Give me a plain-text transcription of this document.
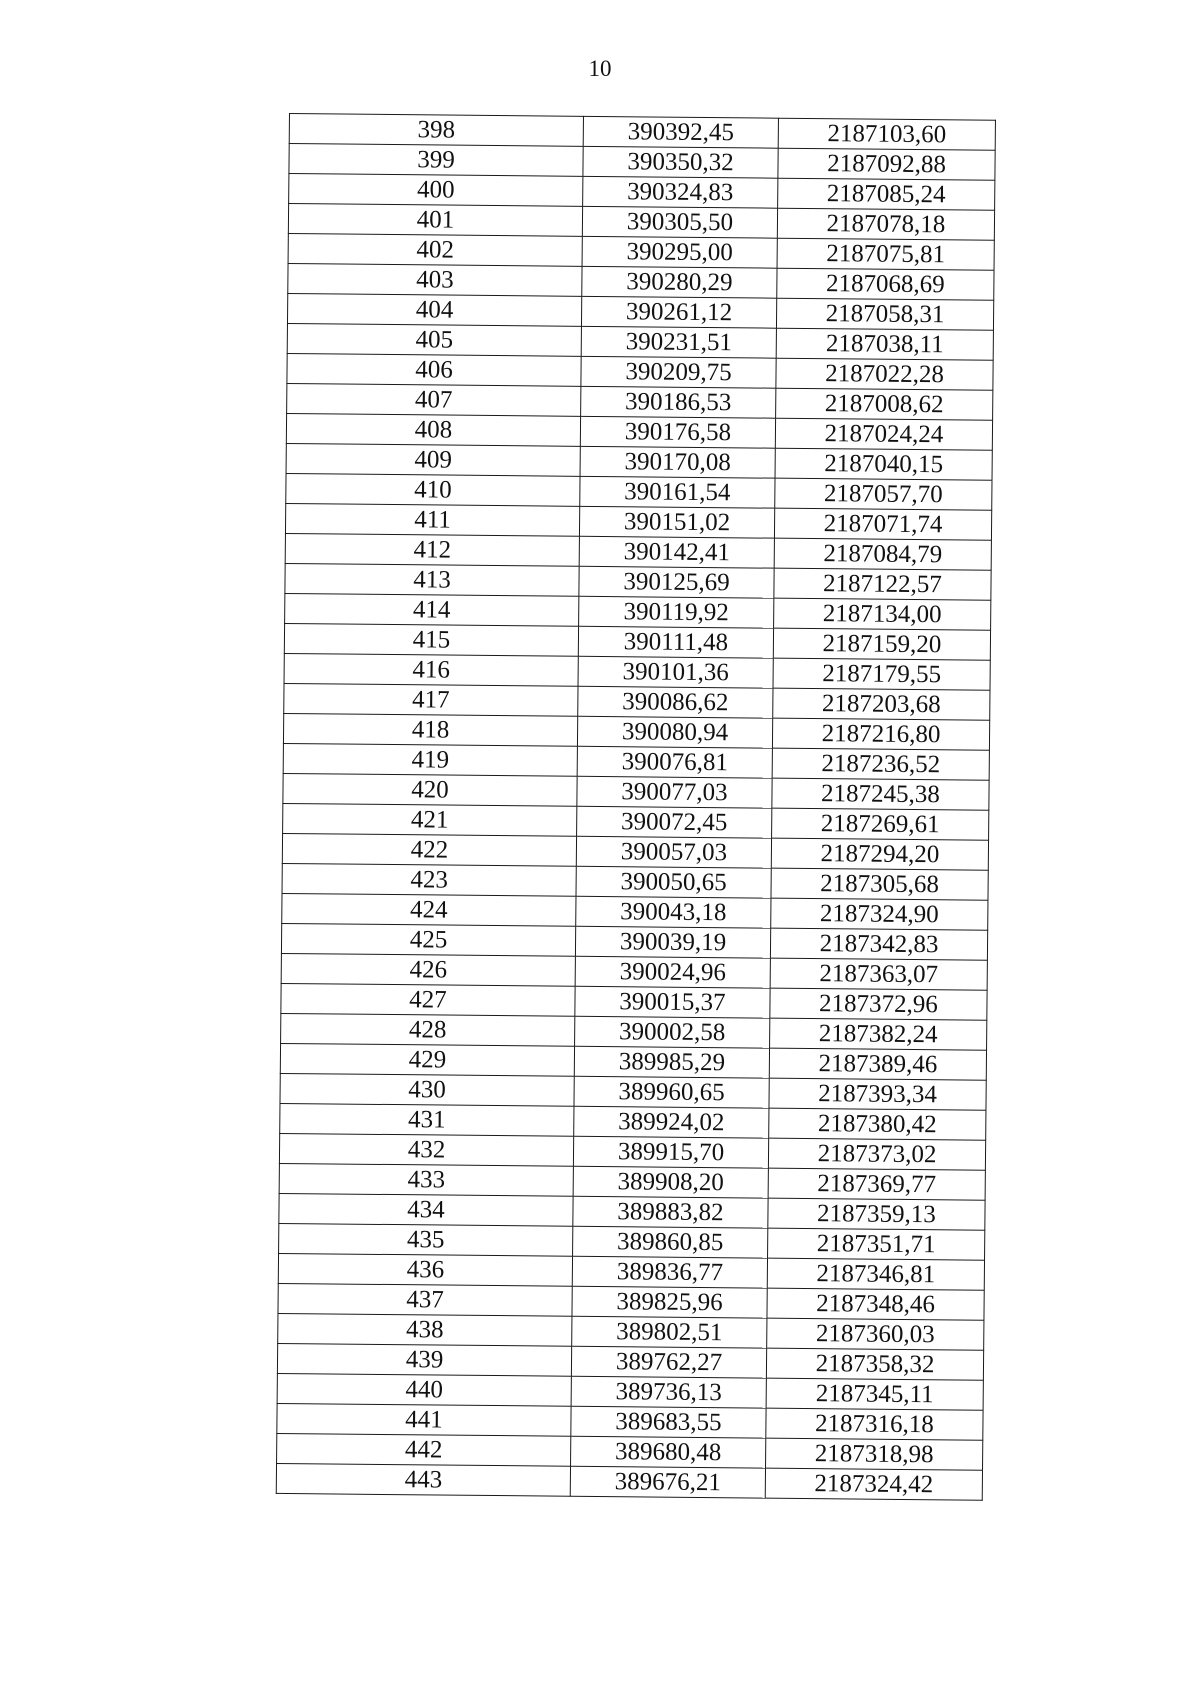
10
398	390392,45	2187103,60
399	390350,32	2187092,88
400	390324,83	2187085,24
401	390305,50	2187078,18
402	390295,00	2187075,81
403	390280,29	2187068,69
404	390261,12	2187058,31
405	390231,51	2187038,11
406	390209,75	2187022,28
407	390186,53	2187008,62
408	390176,58	2187024,24
409	390170,08	2187040,15
410	390161,54	2187057,70
411	390151,02	2187071,74
412	390142,41	2187084,79
413	390125,69	2187122,57
414	390119,92	2187134,00
415	390111,48	2187159,20
416	390101,36	2187179,55
417	390086,62	2187203,68
418	390080,94	2187216,80
419	390076,81	2187236,52
420	390077,03	2187245,38
421	390072,45	2187269,61
422	390057,03	2187294,20
423	390050,65	2187305,68
424	390043,18	2187324,90
425	390039,19	2187342,83
426	390024,96	2187363,07
427	390015,37	2187372,96
428	390002,58	2187382,24
429	389985,29	2187389,46
430	389960,65	2187393,34
431	389924,02	2187380,42
432	389915,70	2187373,02
433	389908,20	2187369,77
434	389883,82	2187359,13
435	389860,85	2187351,71
436	389836,77	2187346,81
437	389825,96	2187348,46
438	389802,51	2187360,03
439	389762,27	2187358,32
440	389736,13	2187345,11
441	389683,55	2187316,18
442	389680,48	2187318,98
443	389676,21	2187324,42
